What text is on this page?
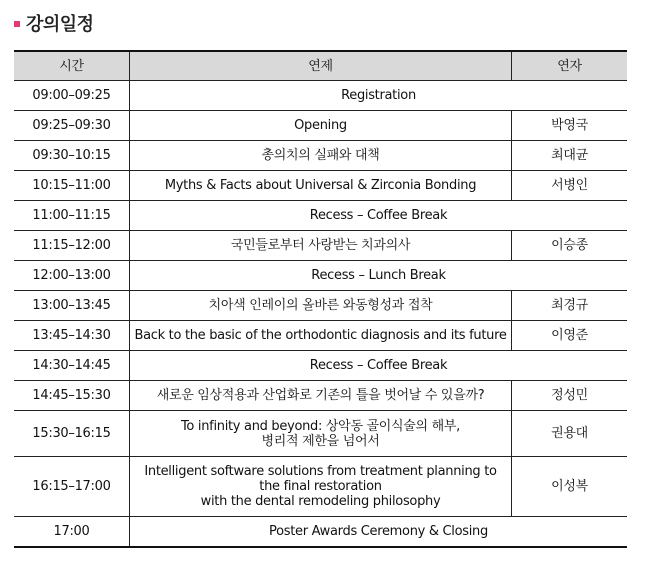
강의일정
시간	연제	연자
09:00–09:25	Registration	
09:25–09:30	Opening	박영국
09:30–10:15	총의치의 실패와 대책	최대균
10:15–11:00	Myths & Facts about Universal & Zirconia Bonding	서병인
11:00–11:15	Recess – Coffee Break	
11:15–12:00	국민들로부터 사랑받는 치과의사	이승종
12:00–13:00	Recess – Lunch Break	
13:00–13:45	치아색 인레이의 올바른 와동형성과 접착	최경규
13:45–14:30	Back to the basic of the orthodontic diagnosis and its future	이영준
14:30–14:45	Recess – Coffee Break	
14:45–15:30	새로운 임상적용과 산업화로 기존의 틀을 벗어날 수 있을까?	정성민
15:30–16:15	To infinity and beyond: 상악동 골이식술의 해부,
병리적 제한을 넘어서	권용대
16:15–17:00	Intelligent software solutions from treatment planning to
the final restoration
with the dental remodeling philosophy	이성복
17:00	Poster Awards Ceremony & Closing	
